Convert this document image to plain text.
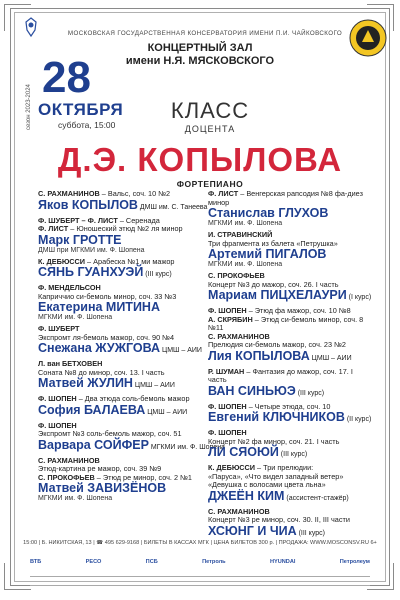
МОСКОВСКАЯ ГОСУДАРСТВЕННАЯ КОНСЕРВАТОРИЯ ИМЕНИ П.И. ЧАЙКОВСКОГО
КОНЦЕРТНЫЙ ЗАЛ
имени Н.Я. МЯСКОВСКОГО
сезон 2023-2024
28
ОКТЯБРЯ
суббота, 15:00
КЛАСС
ДОЦЕНТА
Д.Э. КОПЫЛОВА
ФОРТЕПИАНО
С. РАХМАНИНОВ – Вальс, соч. 10 №2
Яков КОПЫЛОВ ДМШ им. С. Танеева
Ф. ШУБЕРТ – Ф. ЛИСТ – Серенада
Ф. ЛИСТ – Юношеский этюд №2 ля минор
Марк ГРОТТЕ
ДМШ при МГКМИ им. Ф. Шопена
К. ДЕБЮССИ – Арабеска №1 ми мажор
СЯНЬ ГУАНХУЭЙ (III курс)
Ф. МЕНДЕЛЬСОН
Каприччио си-бемоль минор, соч. 33 №3
Екатерина МИТИНА
МГКМИ им. Ф. Шопена
Ф. ШУБЕРТ
Экспромт ля-бемоль мажор, соч. 90 №4
Снежана ЖУЖГОВА ЦМШ – АИИ
Л. ван БЕТХОВЕН
Соната №8 до минор, соч. 13. I часть
Матвей ЖУЛИН ЦМШ – АИИ
Ф. ШОПЕН – Два этюда соль-бемоль мажор
София БАЛАЕВА ЦМШ – АИИ
Ф. ШОПЕН
Экспромт №3 соль-бемоль мажор, соч. 51
Варвара СОЙФЕР МГКМИ им. Ф. Шопена
С. РАХМАНИНОВ
Этюд-картина ре мажор, соч. 39 №9
С. ПРОКОФЬЕВ – Этюд ре минор, соч. 2 №1
Матвей ЗАВИЗЁНОВ
МГКМИ им. Ф. Шопена
Ф. ЛИСТ – Венгерская рапсодия №8 фа-диез минор
Станислав ГЛУХОВ
МГКМИ им. Ф. Шопена
И. СТРАВИНСКИЙ
Три фрагмента из балета «Петрушка»
Артемий ПИГАЛОВ
МГКМИ им. Ф. Шопена
С. ПРОКОФЬЕВ
Концерт №3 до мажор, соч. 26. I часть
Мариам ПИЦХЕЛАУРИ (I курс)
Ф. ШОПЕН – Этюд фа мажор, соч. 10 №8
А. СКРЯБИН – Этюд си-бемоль минор, соч. 8 №11
С. РАХМАНИНОВ
Прелюдия си-бемоль мажор, соч. 23 №2
Лия КОПЫЛОВА ЦМШ – АИИ
Р. ШУМАН – Фантазия до мажор, соч. 17. I часть
ВАН СИНЬЮЭ (III курс)
Ф. ШОПЕН – Четыре этюда, соч. 10
Евгений КЛЮЧНИКОВ (II курс)
Ф. ШОПЕН
Концерт №2 фа минор, соч. 21. I часть
ЛИ СЯОЮЙ (III курс)
К. ДЕБЮССИ – Три прелюдии:
«Паруса», «Что видел западный ветер»
«Девушка с волосами цвета льна»
ДЖЕЁН КИМ (ассистент-стажёр)
С. РАХМАНИНОВ
Концерт №3 ре минор, соч. 30. II, III части
ХСЮНГ И ЧИА (III курс)
15:00 | Б. НИКИТСКАЯ, 13 | ☎ 495 629-9168 | БИЛЕТЫ В КАССАХ МГК | ЦЕНА БИЛЕТОВ 300 р. | ПРОДАЖА: WWW.MOSCONSV.RU 6+
ВТБ	РЕСО	ПСБ	Петроль	HYUNDAI	Петролеум
